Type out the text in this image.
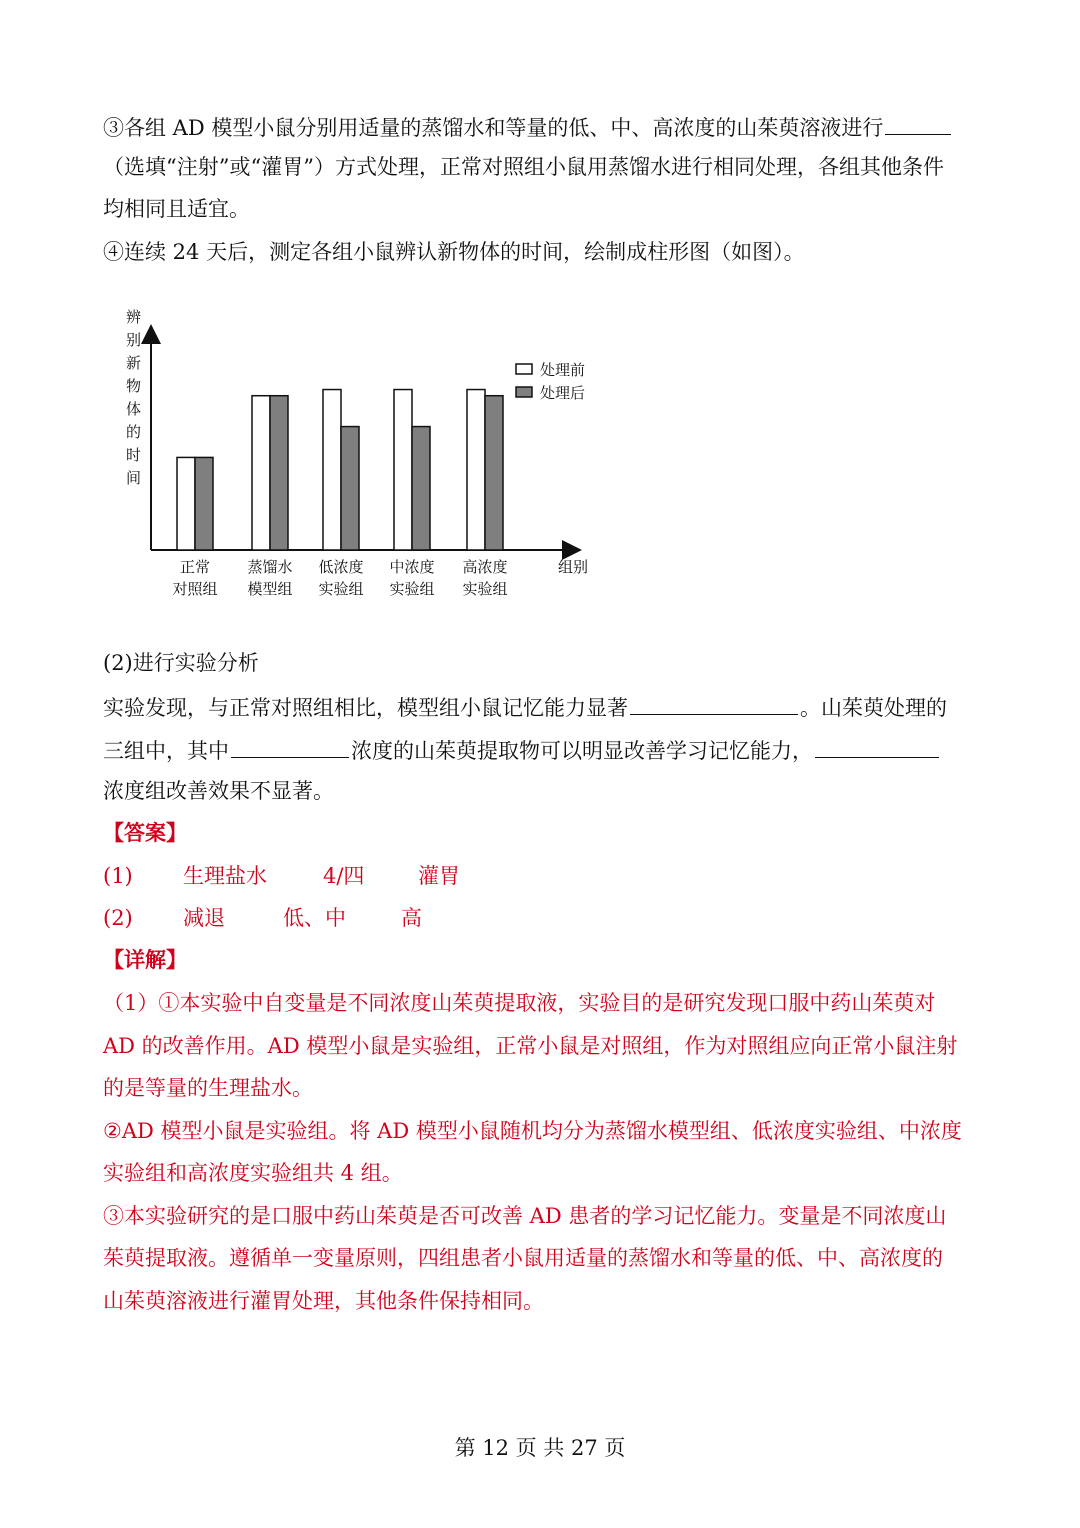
③各组 AD 模型小鼠分别用适量的蒸馏水和等量的低、中、高浓度的山茱萸溶液进行
（选填“注射”或“灌胃”）方式处理，正常对照组小鼠用蒸馏水进行相同处理，各组其他条件
均相同且适宜。
④连续 24 天后，测定各组小鼠辨认新物体的时间，绘制成柱形图（如图）。
辨
别
新
物
体
的
时
间
正常
对照组
蒸馏水
模型组
低浓度
实验组
中浓度
实验组
高浓度
实验组
组别
处理前
处理后
(2)进行实验分析
实验发现，与正常对照组相比，模型组小鼠记忆能力显著	。山茱萸处理的
三组中，其中	浓度的山茱萸提取物可以明显改善学习记忆能力，
浓度组改善效果不显著。
【答案】
(1) 生理盐水	4/四	灌胃
(2) 减退	低、中	高
【详解】
（1）①本实验中自变量是不同浓度山茱萸提取液，实验目的是研究发现口服中药山茱萸对
AD 的改善作用。AD 模型小鼠是实验组，正常小鼠是对照组，作为对照组应向正常小鼠注射
的是等量的生理盐水。
②AD 模型小鼠是实验组。将 AD 模型小鼠随机均分为蒸馏水模型组、低浓度实验组、中浓度
实验组和高浓度实验组共 4 组。
③本实验研究的是口服中药山茱萸是否可改善 AD 患者的学习记忆能力。变量是不同浓度山
茱萸提取液。遵循单一变量原则，四组患者小鼠用适量的蒸馏水和等量的低、中、高浓度的
山茱萸溶液进行灌胃处理，其他条件保持相同。
第 12 页 共 27 页
